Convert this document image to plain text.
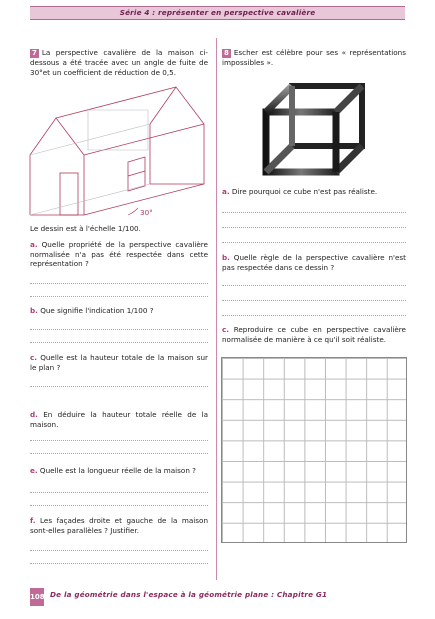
Série 4 : représenter en perspective cavalière
7 La perspective cavalière de la maison ci-dessous a été tracée avec un angle de fuite de 30°et un coefficient de réduction de 0,5.
30°
Le dessin est à l'échelle 1/100.
a. Quelle propriété de la perspective cavalière normalisée n'a pas été respectée dans cette représentation ?
b. Que signifie l'indication 1/100 ?
c. Quelle est la hauteur totale de la maison sur le plan ?
d. En déduire la hauteur totale réelle de la maison.
e. Quelle est la longueur réelle de la maison ?
f. Les façades droite et gauche de la maison sont-elles parallèles ? Justifier.
8 Escher est célèbre pour ses « représentations impossibles ».
a. Dire pourquoi ce cube n'est pas réaliste.
b. Quelle règle de la perspective cavalière n'est pas respectée dans ce dessin ?
c. Reproduire ce cube en perspective cavalière normalisée de manière à ce qu'il soit réaliste.
108 De la géométrie dans l'espace à la géométrie plane : Chapitre G1
